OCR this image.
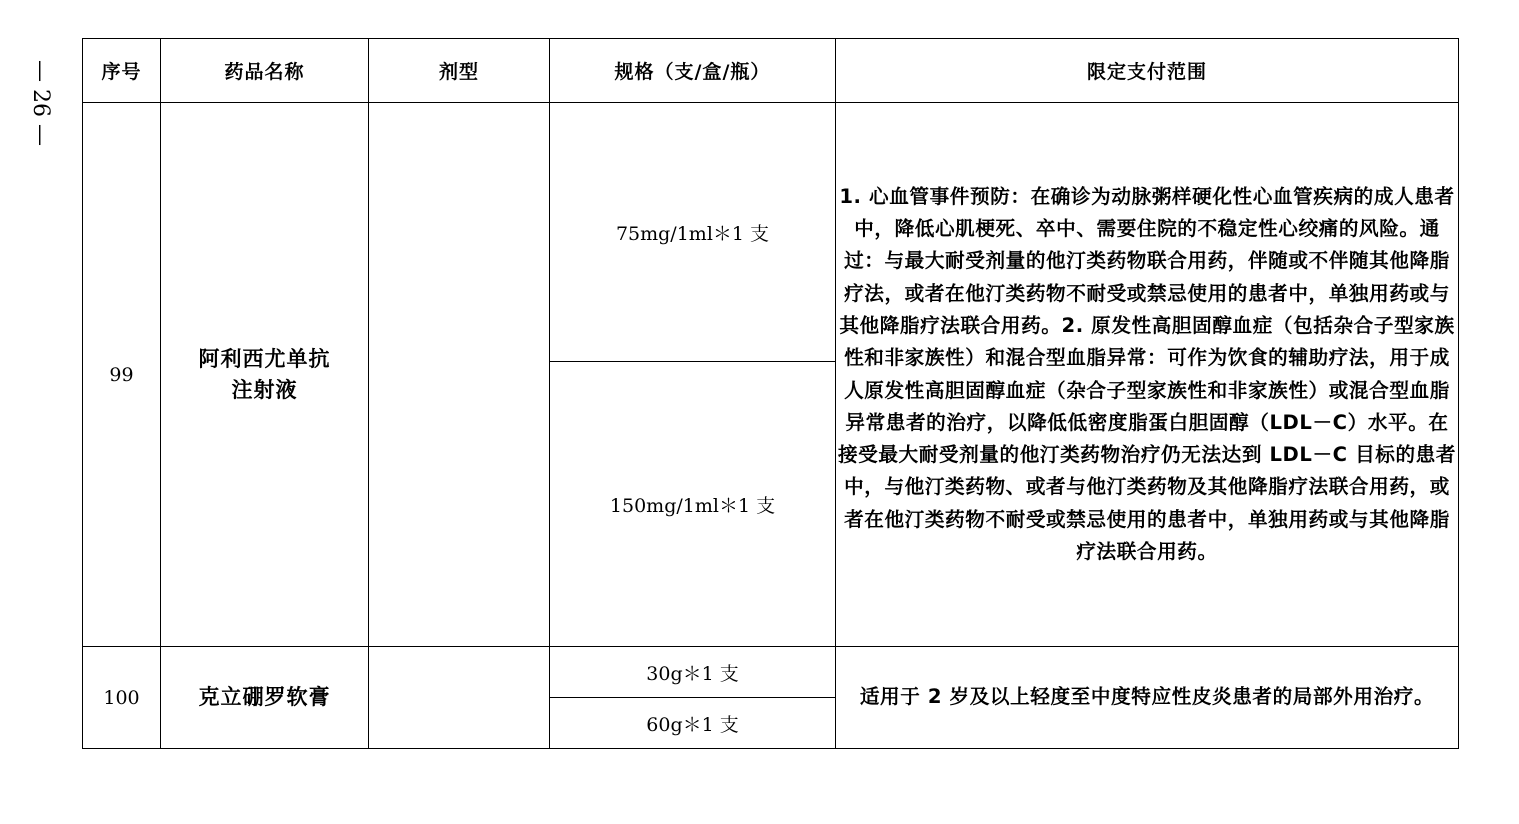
— 26 —	序号	药品名称	剂型	规格（支/盒/瓶）	限定支付范围
99	阿利西尤单抗注射液		75mg/1ml＊1 支	1. 心血管事件预防：在确诊为动脉粥样硬化性心血管疾病的成人患者中，降低心肌梗死、卒中、需要住院的不稳定性心绞痛的风险。通过：与最大耐受剂量的他汀类药物联合用药，伴随或不伴随其他降脂疗法，或者在他汀类药物不耐受或禁忌使用的患者中，单独用药或与其他降脂疗法联合用药。2. 原发性高胆固醇血症（包括杂合子型家族性和非家族性）和混合型血脂异常：可作为饮食的辅助疗法，用于成人原发性高胆固醇血症（杂合子型家族性和非家族性）或混合型血脂异常患者的治疗，以降低低密度脂蛋白胆固醇（LDL－C）水平。在接受最大耐受剂量的他汀类药物治疗仍无法达到 LDL－C 目标的患者中，与他汀类药物、或者与他汀类药物及其他降脂疗法联合用药，或者在他汀类药物不耐受或禁忌使用的患者中，单独用药或与其他降脂疗法联合用药。
			150mg/1ml＊1 支	
100	克立硼罗软膏		30g＊1 支	适用于 2 岁及以上轻度至中度特应性皮炎患者的局部外用治疗。
			60g＊1 支	
